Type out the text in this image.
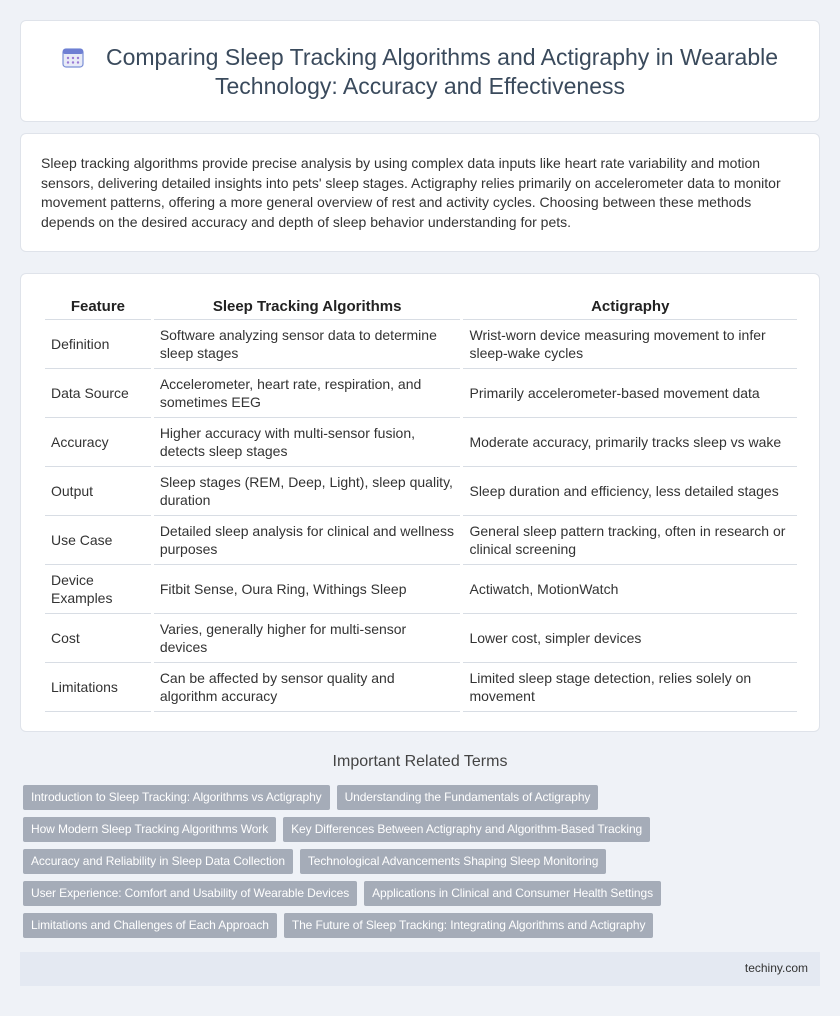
Comparing Sleep Tracking Algorithms and Actigraphy in Wearable Technology: Accuracy and Effectiveness

Sleep tracking algorithms provide precise analysis by using complex data inputs like heart rate variability and motion sensors, delivering detailed insights into pets' sleep stages. Actigraphy relies primarily on accelerometer data to monitor movement patterns, offering a more general overview of rest and activity cycles. Choosing between these methods depends on the desired accuracy and depth of sleep behavior understanding for pets.

Feature	Sleep Tracking Algorithms	Actigraphy
Definition	Software analyzing sensor data to determine sleep stages	Wrist-worn device measuring movement to infer sleep-wake cycles
Data Source	Accelerometer, heart rate, respiration, and sometimes EEG	Primarily accelerometer-based movement data
Accuracy	Higher accuracy with multi-sensor fusion, detects sleep stages	Moderate accuracy, primarily tracks sleep vs wake
Output	Sleep stages (REM, Deep, Light), sleep quality, duration	Sleep duration and efficiency, less detailed stages
Use Case	Detailed sleep analysis for clinical and wellness purposes	General sleep pattern tracking, often in research or clinical screening
Device Examples	Fitbit Sense, Oura Ring, Withings Sleep	Actiwatch, MotionWatch
Cost	Varies, generally higher for multi-sensor devices	Lower cost, simpler devices
Limitations	Can be affected by sensor quality and algorithm accuracy	Limited sleep stage detection, relies solely on movement
Important Related Terms
Introduction to Sleep Tracking: Algorithms vs Actigraphy	Understanding the Fundamentals of Actigraphy
How Modern Sleep Tracking Algorithms Work	Key Differences Between Actigraphy and Algorithm-Based Tracking
Accuracy and Reliability in Sleep Data Collection	Technological Advancements Shaping Sleep Monitoring
User Experience: Comfort and Usability of Wearable Devices	Applications in Clinical and Consumer Health Settings
Limitations and Challenges of Each Approach	The Future of Sleep Tracking: Integrating Algorithms and Actigraphy
techiny.com
